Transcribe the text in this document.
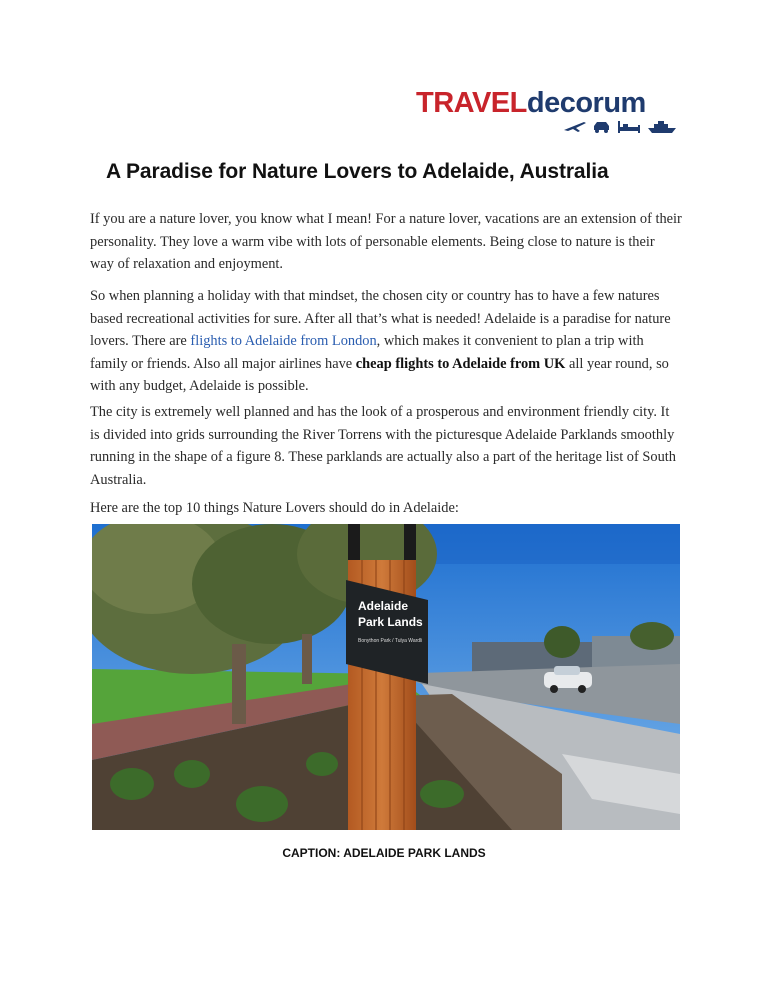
TRAVELdecorum
A Paradise for Nature Lovers to Adelaide, Australia

If you are a nature lover, you know what I mean! For a nature lover, vacations are an extension of their personality. They love a warm vibe with lots of personable elements. Being close to nature is their way of relaxation and enjoyment.

So when planning a holiday with that mindset, the chosen city or country has to have a few natures based recreational activities for sure. After all that’s what is needed! Adelaide is a paradise for nature lovers. There are flights to Adelaide from London, which makes it convenient to plan a trip with family or friends. Also all major airlines have cheap flights to Adelaide from UK all year round, so with any budget, Adelaide is possible.

The city is extremely well planned and has the look of a prosperous and environment friendly city. It is divided into grids surrounding the River Torrens with the picturesque Adelaide Parklands smoothly running in the shape of a figure 8. These parklands are actually also a part of the heritage list of South Australia.

Here are the top 10 things Nature Lovers should do in Adelaide:

Adelaide
Park Lands
Bonython Park / Tulya Wardli

CAPTION: ADELAIDE PARK LANDS
